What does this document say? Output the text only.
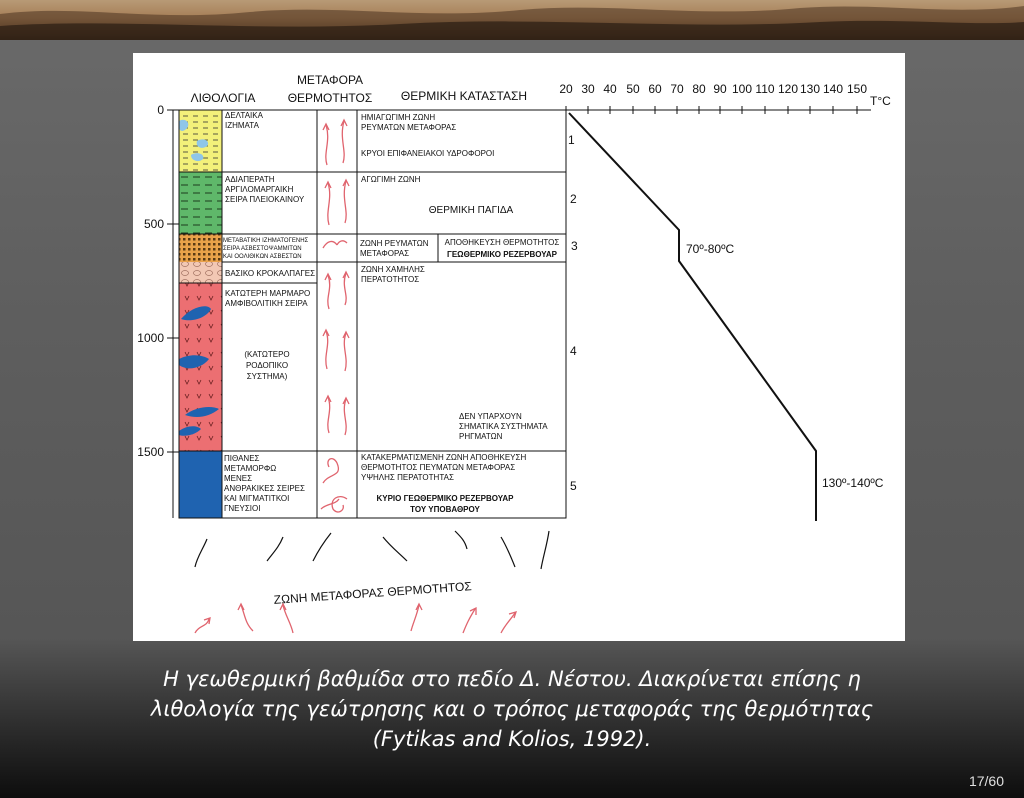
ΛΙΘΟΛΟΓΙΑ
ΜΕΤΑΦΟΡΑ
ΘΕΡΜΟΤΗΤΟΣ ΘΕΡΜΙΚΗ ΚΑΤΑΣΤΑΣΗ
0
500
1000
1500
20 30 40 50 60 70 80 90 100 110 120 130 140 150
T°C
ΔΕΛΤΑΙΚΑ
ΙΖΗΜΑΤΑ
ΑΔΙΑΠΕΡΑΤΗ
ΑΡΓΙΛΟΜΑΡΓΑΙΚΗ
ΣΕΙΡΑ ΠΛΕΙΟΚΑΙΝΟΥ
ΜΕΤΑΒΑΤΙΚΗ ΙΖΗΜΑΤΟΓΕΝΗΣ
ΣΕΙΡΑ ΑΣΒΕΣΤΟΨΑΜΜΙΤΩΝ
ΚΑΙ ΟΟΛΙΘΙΚΩΝ ΑΣΒΕΣΤΩΝ
ΒΑΣΙΚΟ ΚΡΟΚΑΛΠΑΓΕΣ
ΚΑΤΩΤΕΡΗ ΜΑΡΜΑΡΟ
ΑΜΦΙΒΟΛΙΤΙΚΗ ΣΕΙΡΑ
(ΚΑΤΩΤΕΡΟ
ΡΟΔΟΠΙΚΟ
ΣΥΣΤΗΜΑ)
ΠΙΘΑΝΕΣ
ΜΕΤΑΜΟΡΦΩ
ΜΕΝΕΣ
ΑΝΘΡΑΚΙΚΕΣ ΣΕΙΡΕΣ
ΚΑΙ ΜΙΓΜΑΤΙΤΚΟΙ
ΓΝΕΥΣΙΟΙ
ΗΜΙΑΓΩΓΙΜΗ ΖΩΝΗ
ΡΕΥΜΑΤΩΝ ΜΕΤΑΦΟΡΑΣ
ΚΡΥΟΙ ΕΠΙΦΑΝΕΙΑΚΟΙ ΥΔΡΟΦΟΡΟΙ
ΑΓΩΓΙΜΗ ΖΩΝΗ
ΘΕΡΜΙΚΗ ΠΑΓΙΔΑ
ΖΩΝΗ ΡΕΥΜΑΤΩΝ
ΜΕΤΑΦΟΡΑΣ
ΑΠΟΘΗΚΕΥΣΗ ΘΕΡΜΟΤΗΤΟΣ
ΓΕΩΘΕΡΜΙΚΟ ΡΕΖΕΡΒΟΥΑΡ
ΖΩΝΗ ΧΑΜΗΛΗΣ
ΠΕΡΑΤΟΤΗΤΟΣ
ΔΕΝ ΥΠΑΡΧΟΥΝ
ΣΗΜΑΤΙΚΑ ΣΥΣΤΗΜΑΤΑ
ΡΗΓΜΑΤΩΝ
ΚΑΤΑΚΕΡΜΑΤΙΣΜΕΝΗ ΖΩΝΗ ΑΠΟΘΗΚΕΥΣΗ
ΘΕΡΜΟΤΗΤΟΣ ΠΕΥΜΑΤΩΝ ΜΕΤΑΦΟΡΑΣ
ΥΨΗΛΗΣ ΠΕΡΑΤΟΤΗΤΑΣ
ΚΥΡΙΟ ΓΕΩΘΕΡΜΙΚΟ ΡΕΖΕΡΒΟΥΑΡ
ΤΟΥ ΥΠΟΒΑΘΡΟΥ
1
2
3
4
5
70º-80ºC
130º-140ºC
ΖΩΝΗ ΜΕΤΑΦΟΡΑΣ ΘΕΡΜΟΤΗΤΟΣ
Η γεωθερμική βαθμίδα στο πεδίο Δ. Νέστου. Διακρίνεται επίσης η
λιθολογία της γεώτρησης και ο τρόπος μεταφοράς της θερμότητας
(Fytikas and Kolios, 1992).
17/60
